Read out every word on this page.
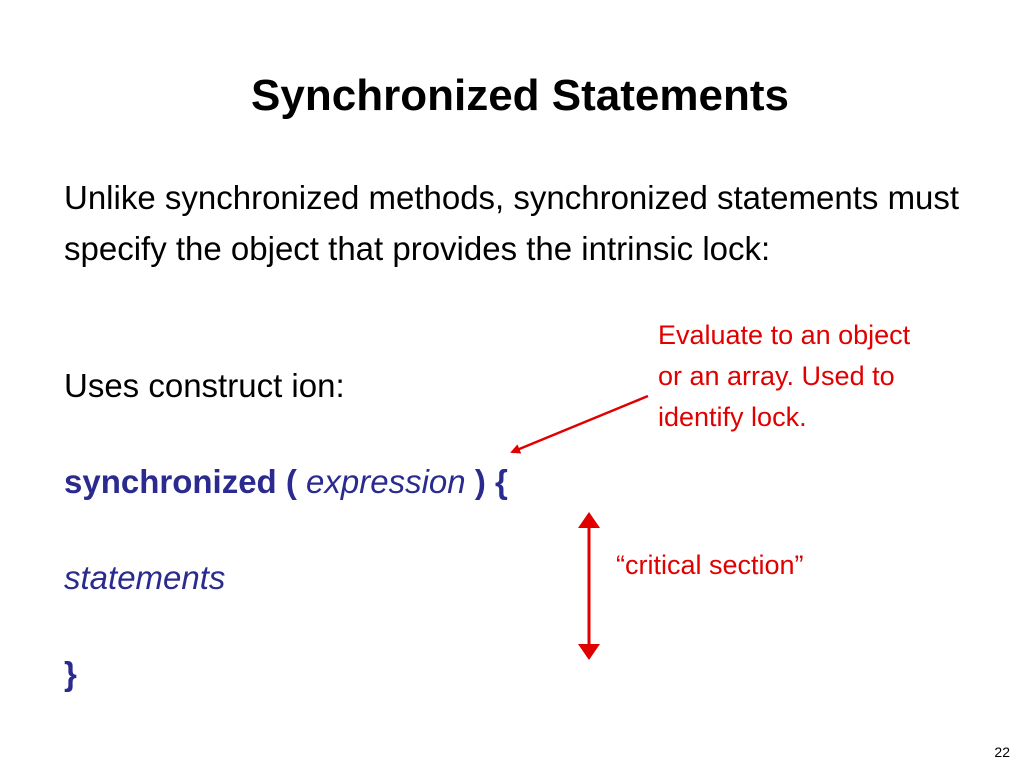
Synchronized Statements

Unlike synchronized methods, synchronized statements must specify the object that provides the intrinsic lock:

Uses construct ion:
synchronized ( expression ) {
statements
}

Evaluate to an object or an array. Used to identify lock.

“critical section”
22
